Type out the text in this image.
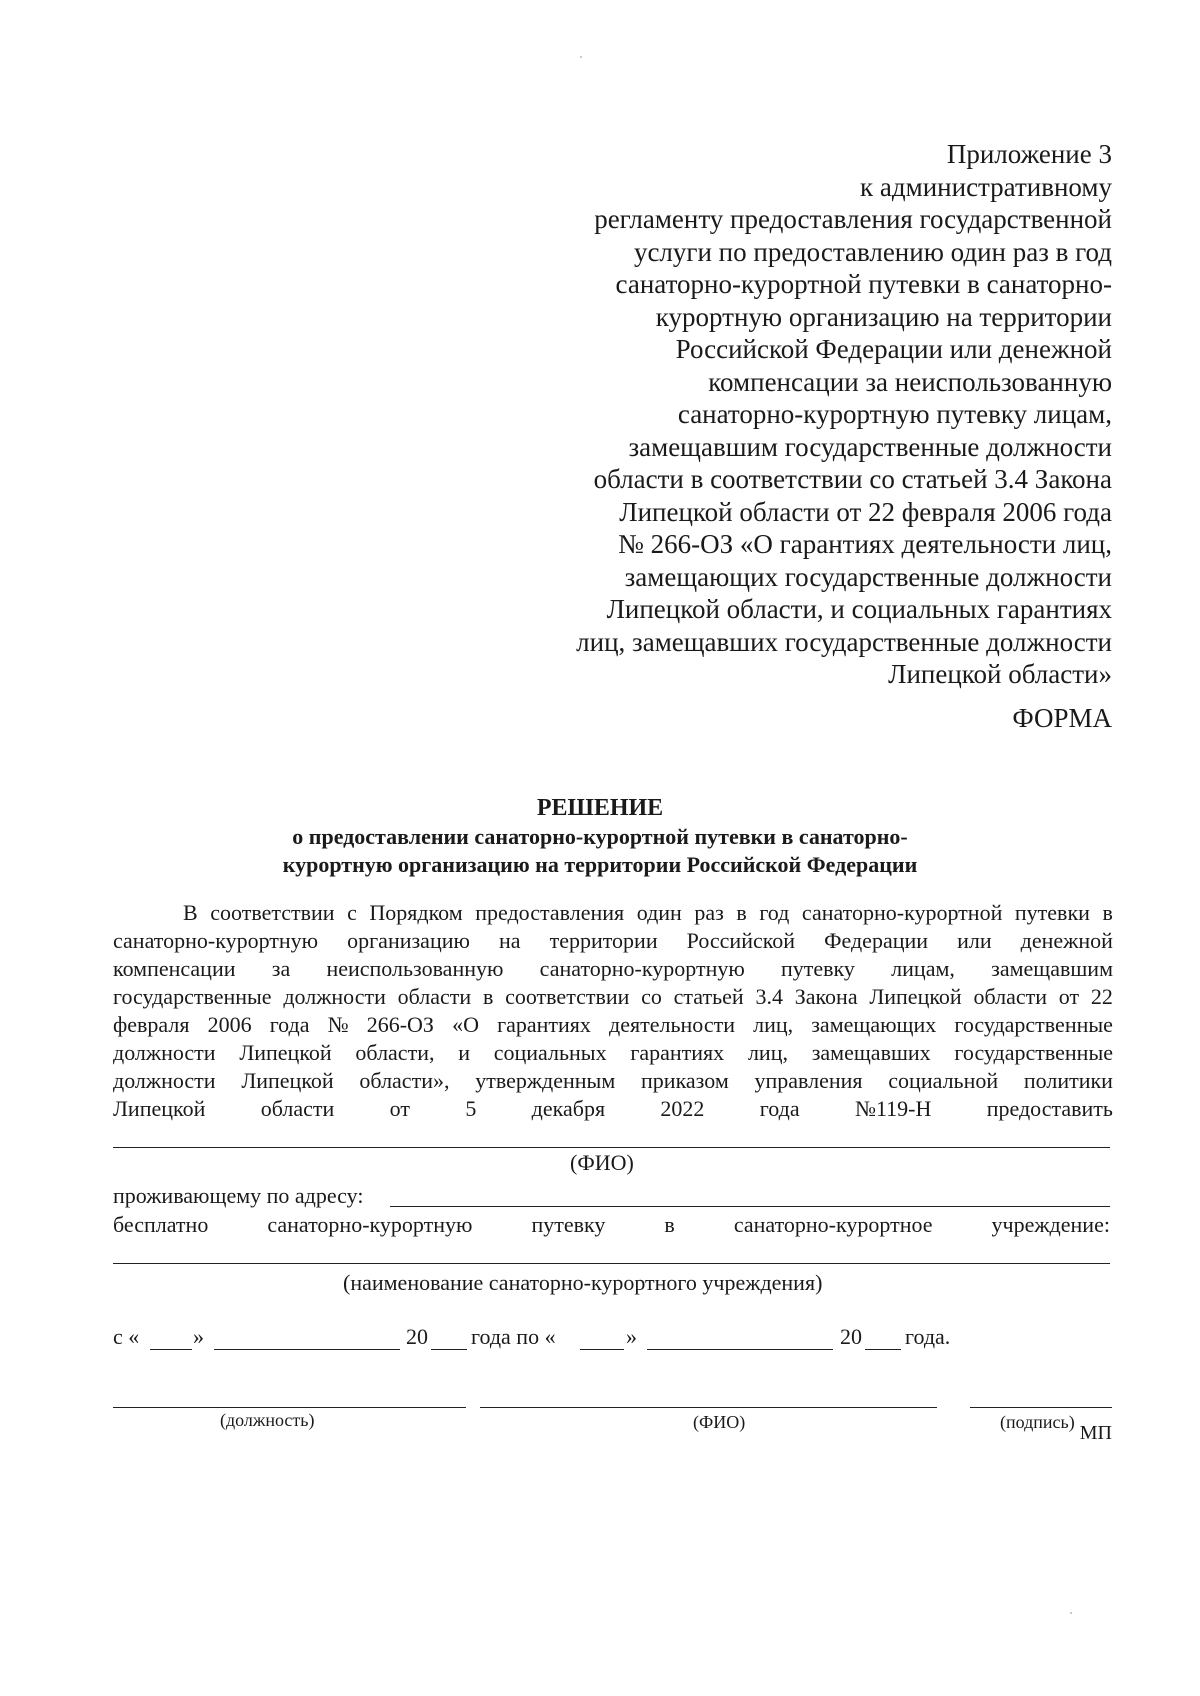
Приложение 3
к административному
регламенту предоставления государственной
услуги по предоставлению один раз в год
санаторно-курортной путевки в санаторно-
курортную организацию на территории
Российской Федерации или денежной
компенсации за неиспользованную
санаторно-курортную путевку лицам,
замещавшим государственные должности
области в соответствии со статьей 3.4 Закона
Липецкой области от 22 февраля 2006 года
№ 266-ОЗ «О гарантиях деятельности лиц,
замещающих государственные должности
Липецкой области, и социальных гарантиях
лиц, замещавших государственные должности
Липецкой области»
ФОРМА
РЕШЕНИЕ
о предоставлении санаторно-курортной путевки в санаторно-
курортную организацию на территории Российской Федерации
В соответствии с Порядком предоставления один раз в год санаторно-курортной путевки в
санаторно-курортную организацию на территории Российской Федерации или денежной
компенсации за неиспользованную санаторно-курортную путевку лицам, замещавшим
государственные должности области в соответствии со статьей 3.4 Закона Липецкой области от 22
февраля 2006 года № 266-ОЗ «О гарантиях деятельности лиц, замещающих государственные
должности Липецкой области, и социальных гарантиях лиц, замещавших государственные
должности Липецкой области», утвержденным приказом управления социальной политики
Липецкой	области	от	5	декабря	2022	года	№119-Н	предоставить
(ФИО)
проживающему по адресу:
бесплатно	санаторно-курортную	путевку	в	санаторно-курортное	учреждение:
(наименование санаторно-курортного учреждения)
с « »	20 года по «	»	20 года.
(должность)	(ФИО)	(подпись) МП
